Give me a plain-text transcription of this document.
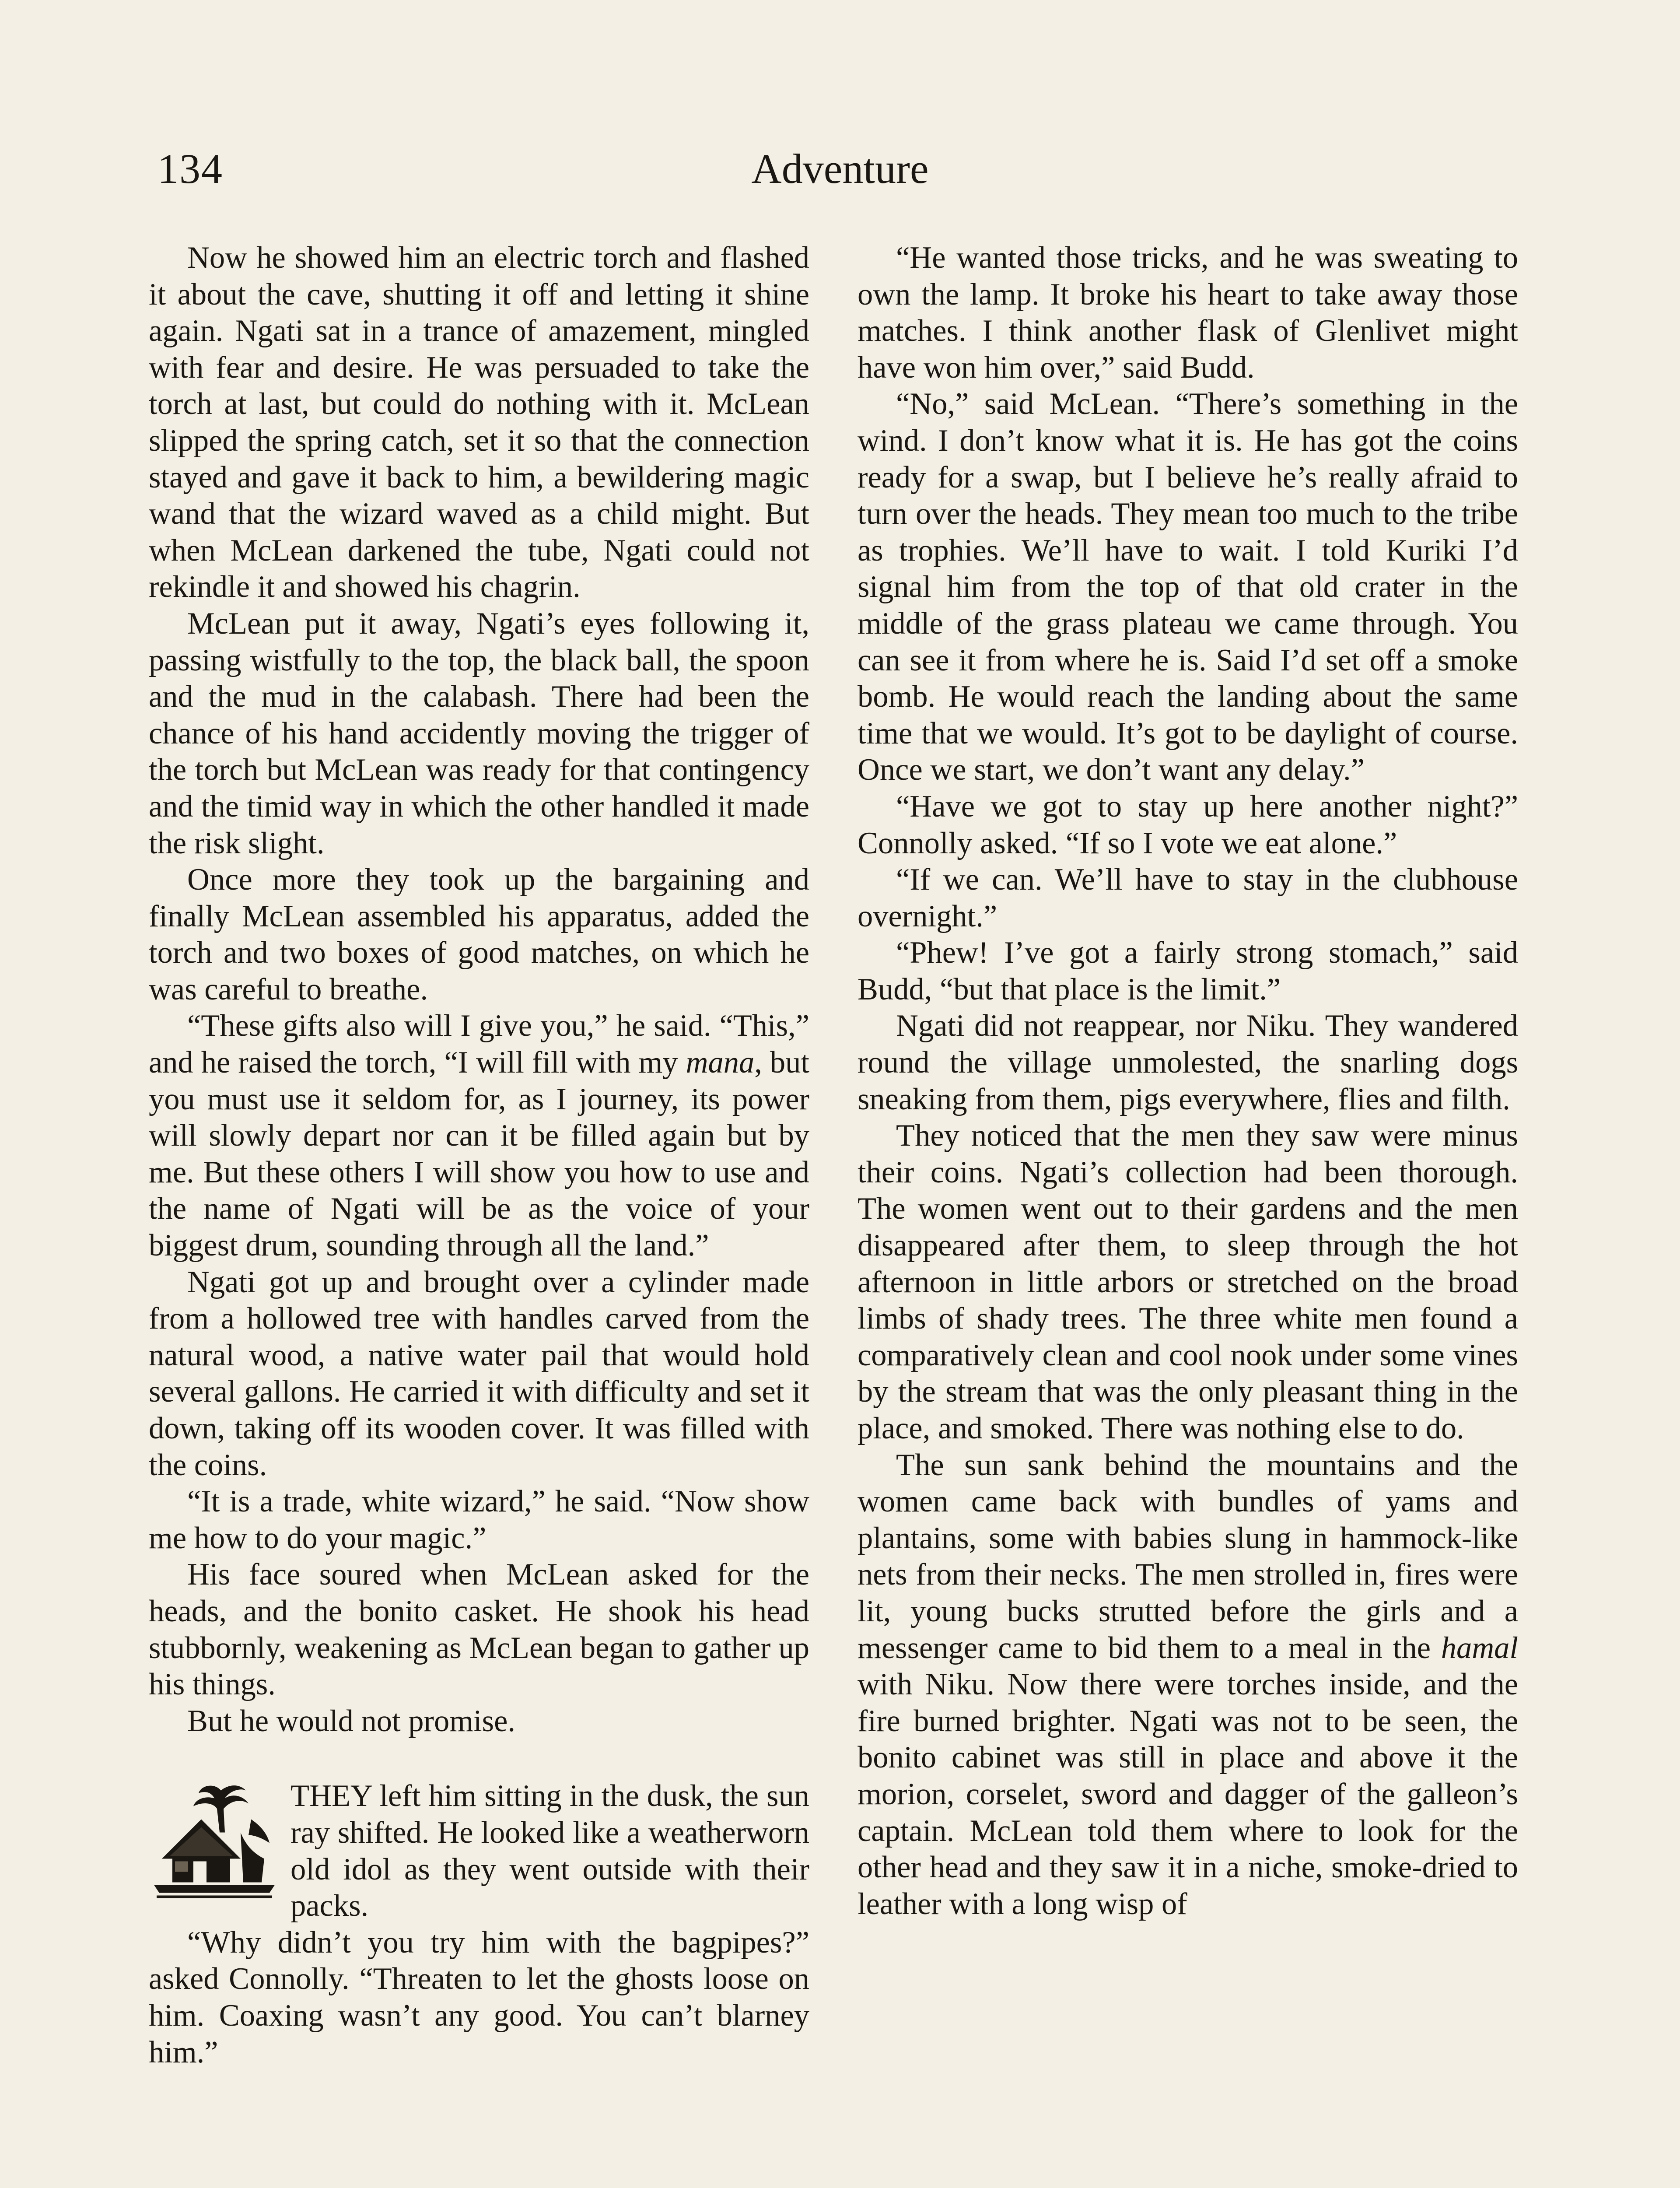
134	Adventure

Now he showed him an electric torch and flashed it about the cave, shutting it off and letting it shine again. Ngati sat in a trance of amazement, mingled with fear and desire. He was persuaded to take the torch at last, but could do nothing with it. McLean slipped the spring catch, set it so that the connection stayed and gave it back to him, a bewildering magic wand that the wizard waved as a child might. But when McLean darkened the tube, Ngati could not rekindle it and showed his chagrin.

McLean put it away, Ngati’s eyes following it, passing wistfully to the top, the black ball, the spoon and the mud in the calabash. There had been the chance of his hand accidently moving the trigger of the torch but McLean was ready for that contingency and the timid way in which the other handled it made the risk slight.

Once more they took up the bargaining and finally McLean assembled his apparatus, added the torch and two boxes of good matches, on which he was careful to breathe.

“These gifts also will I give you,” he said. “This,” and he raised the torch, “I will fill with my mana, but you must use it seldom for, as I journey, its power will slowly depart nor can it be filled again but by me. But these others I will show you how to use and the name of Ngati will be as the voice of your biggest drum, sounding through all the land.”

Ngati got up and brought over a cylinder made from a hollowed tree with handles carved from the natural wood, a native water pail that would hold several gallons. He carried it with difficulty and set it down, taking off its wooden cover. It was filled with the coins.

“It is a trade, white wizard,” he said. “Now show me how to do your magic.”

His face soured when McLean asked for the heads, and the bonito casket. He shook his head stubbornly, weakening as McLean began to gather up his things.

But he would not promise.

THEY left him sitting in the dusk, the sun ray shifted. He looked like a weatherworn old idol as they went outside with their packs.

“Why didn’t you try him with the bagpipes?” asked Connolly. “Threaten to let the ghosts loose on him. Coaxing wasn’t any good. You can’t blarney him.”

“He wanted those tricks, and he was sweating to own the lamp. It broke his heart to take away those matches. I think another flask of Glenlivet might have won him over,” said Budd.

“No,” said McLean. “There’s something in the wind. I don’t know what it is. He has got the coins ready for a swap, but I believe he’s really afraid to turn over the heads. They mean too much to the tribe as trophies. We’ll have to wait. I told Kuriki I’d signal him from the top of that old crater in the middle of the grass plateau we came through. You can see it from where he is. Said I’d set off a smoke bomb. He would reach the landing about the same time that we would. It’s got to be daylight of course. Once we start, we don’t want any delay.”

“Have we got to stay up here another night?” Connolly asked. “If so I vote we eat alone.”

“If we can. We’ll have to stay in the clubhouse overnight.”

“Phew! I’ve got a fairly strong stomach,” said Budd, “but that place is the limit.”

Ngati did not reappear, nor Niku. They wandered round the village unmolested, the snarling dogs sneaking from them, pigs everywhere, flies and filth.

They noticed that the men they saw were minus their coins. Ngati’s collection had been thorough. The women went out to their gardens and the men disappeared after them, to sleep through the hot afternoon in little arbors or stretched on the broad limbs of shady trees. The three white men found a comparatively clean and cool nook under some vines by the stream that was the only pleasant thing in the place, and smoked. There was nothing else to do.

The sun sank behind the mountains and the women came back with bundles of yams and plantains, some with babies slung in hammock-like nets from their necks. The men strolled in, fires were lit, young bucks strutted before the girls and a messenger came to bid them to a meal in the hamal with Niku. Now there were torches inside, and the fire burned brighter. Ngati was not to be seen, the bonito cabinet was still in place and above it the morion, corselet, sword and dagger of the galleon’s captain. McLean told them where to look for the other head and they saw it in a niche, smoke-dried to leather with a long wisp of
